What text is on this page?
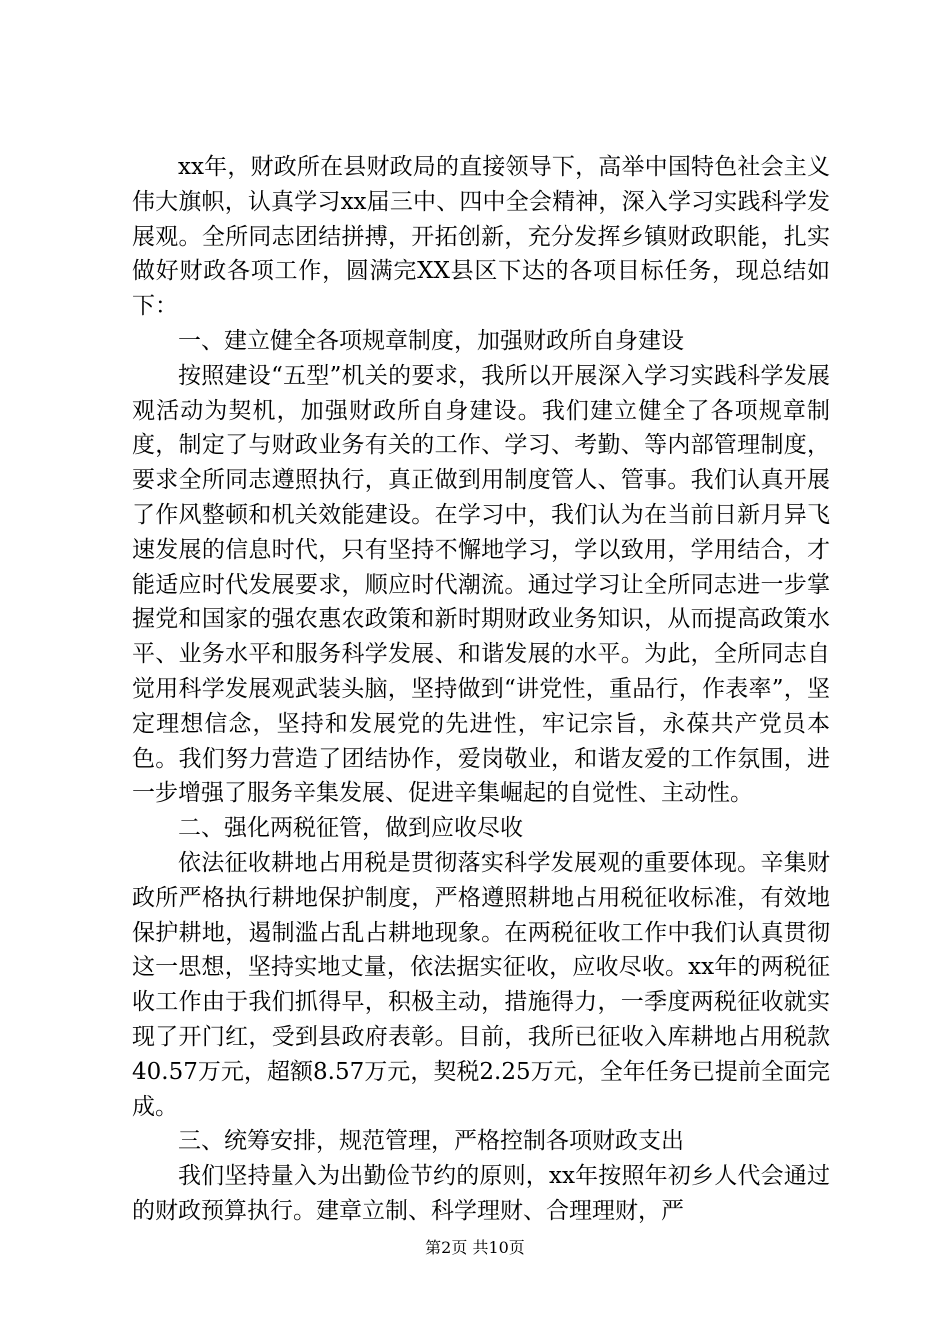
xx年，财政所在县财政局的直接领导下，高举中国特色社会主义伟大旗帜，认真学习xx届三中、四中全会精神，深入学习实践科学发展观。全所同志团结拼搏，开拓创新，充分发挥乡镇财政职能，扎实做好财政各项工作，圆满完XX县区下达的各项目标任务，现总结如下：

一、建立健全各项规章制度，加强财政所自身建设

按照建设“五型”机关的要求，我所以开展深入学习实践科学发展观活动为契机，加强财政所自身建设。我们建立健全了各项规章制度，制定了与财政业务有关的工作、学习、考勤、等内部管理制度，要求全所同志遵照执行，真正做到用制度管人、管事。我们认真开展了作风整顿和机关效能建设。在学习中，我们认为在当前日新月异飞速发展的信息时代，只有坚持不懈地学习，学以致用，学用结合，才能适应时代发展要求，顺应时代潮流。通过学习让全所同志进一步掌握党和国家的强农惠农政策和新时期财政业务知识，从而提高政策水平、业务水平和服务科学发展、和谐发展的水平。为此，全所同志自觉用科学发展观武装头脑，坚持做到“讲党性，重品行，作表率”，坚定理想信念，坚持和发展党的先进性，牢记宗旨，永葆共产党员本色。我们努力营造了团结协作，爱岗敬业，和谐友爱的工作氛围，进一步增强了服务辛集发展、促进辛集崛起的自觉性、主动性。

二、强化两税征管，做到应收尽收

依法征收耕地占用税是贯彻落实科学发展观的重要体现。辛集财政所严格执行耕地保护制度，严格遵照耕地占用税征收标准，有效地保护耕地，遏制滥占乱占耕地现象。在两税征收工作中我们认真贯彻这一思想，坚持实地丈量，依法据实征收，应收尽收。xx年的两税征收工作由于我们抓得早，积极主动，措施得力，一季度两税征收就实现了开门红，受到县政府表彰。目前，我所已征收入库耕地占用税款40.57万元，超额8.57万元，契税2.25万元，全年任务已提前全面完成。

三、统筹安排，规范管理，严格控制各项财政支出

我们坚持量入为出勤俭节约的原则，xx年按照年初乡人代会通过的财政预算执行。建章立制、科学理财、合理理财，严

第2页 共10页
